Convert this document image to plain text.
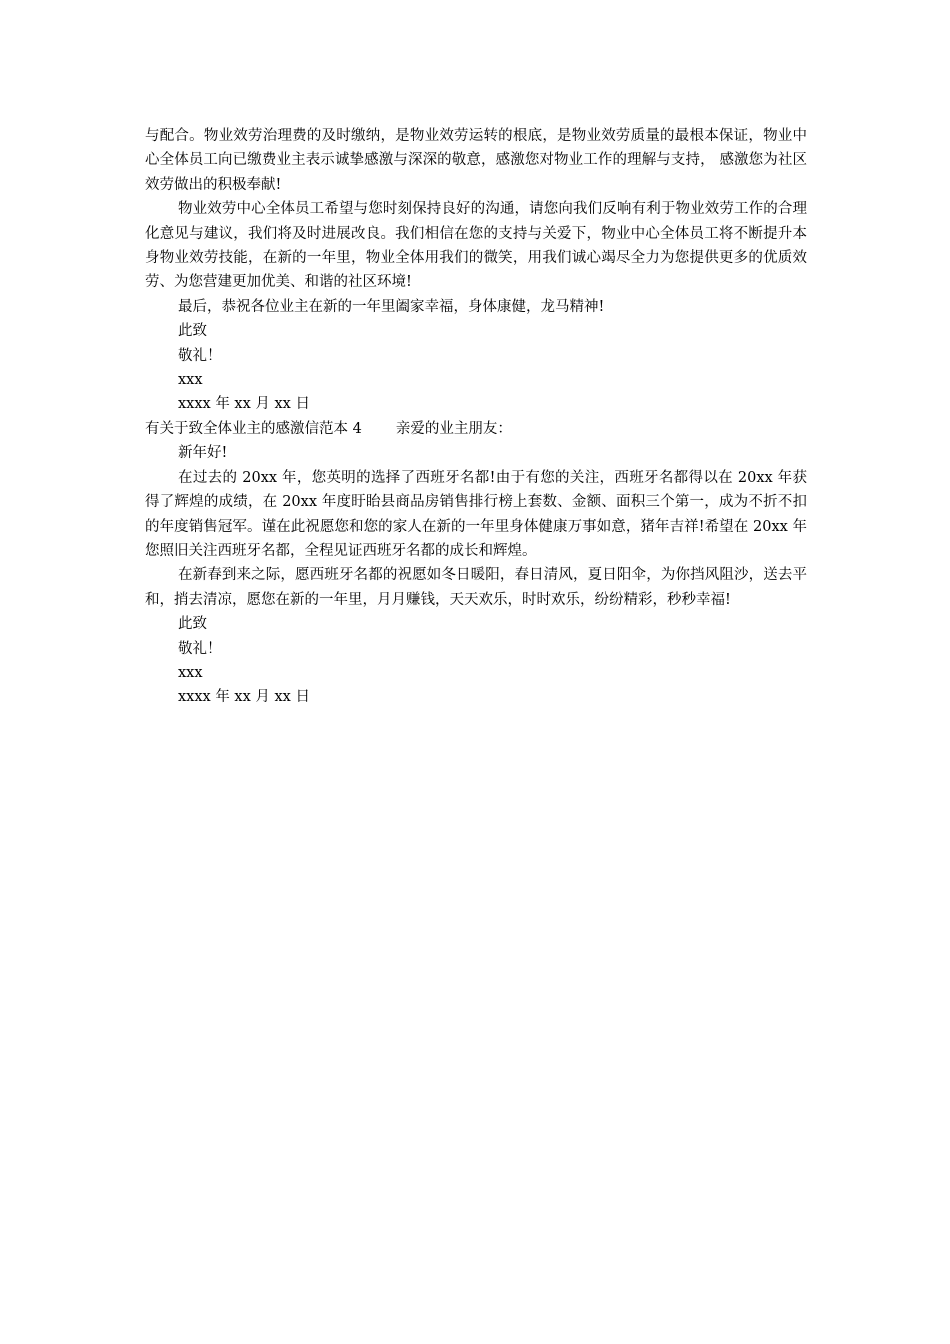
与配合。物业效劳治理费的及时缴纳，是物业效劳运转的根底，是物业效劳质量的最根本保证，物业中心全体员工向已缴费业主表示诚挚感激与深深的敬意，感激您对物业工作的理解与支持， 感激您为社区效劳做出的积极奉献!

物业效劳中心全体员工希望与您时刻保持良好的沟通，请您向我们反响有利于物业效劳工作的合理化意见与建议，我们将及时进展改良。我们相信在您的支持与关爱下，物业中心全体员工将不断提升本身物业效劳技能，在新的一年里，物业全体用我们的微笑，用我们诚心竭尽全力为您提供更多的优质效劳、为您营建更加优美、和谐的社区环境!

最后，恭祝各位业主在新的一年里阖家幸福，身体康健，龙马精神!

此致

敬礼！

xxx

xxxx 年 xx 月 xx 日

有关于致全体业主的感激信范本 4 亲爱的业主朋友：

新年好!

在过去的 20xx 年，您英明的选择了西班牙名都!由于有您的关注，西班牙名都得以在 20xx 年获得了辉煌的成绩，在 20xx 年度盱眙县商品房销售排行榜上套数、金额、面积三个第一，成为不折不扣的年度销售冠军。谨在此祝愿您和您的家人在新的一年里身体健康万事如意，猪年吉祥!希望在 20xx 年您照旧关注西班牙名都，全程见证西班牙名都的成长和辉煌。

在新春到来之际，愿西班牙名都的祝愿如冬日暖阳，春日清风，夏日阳伞，为你挡风阻沙，送去平和，捎去清凉，愿您在新的一年里，月月赚钱，天天欢乐，时时欢乐，纷纷精彩，秒秒幸福!

此致

敬礼！

xxx

xxxx 年 xx 月 xx 日
